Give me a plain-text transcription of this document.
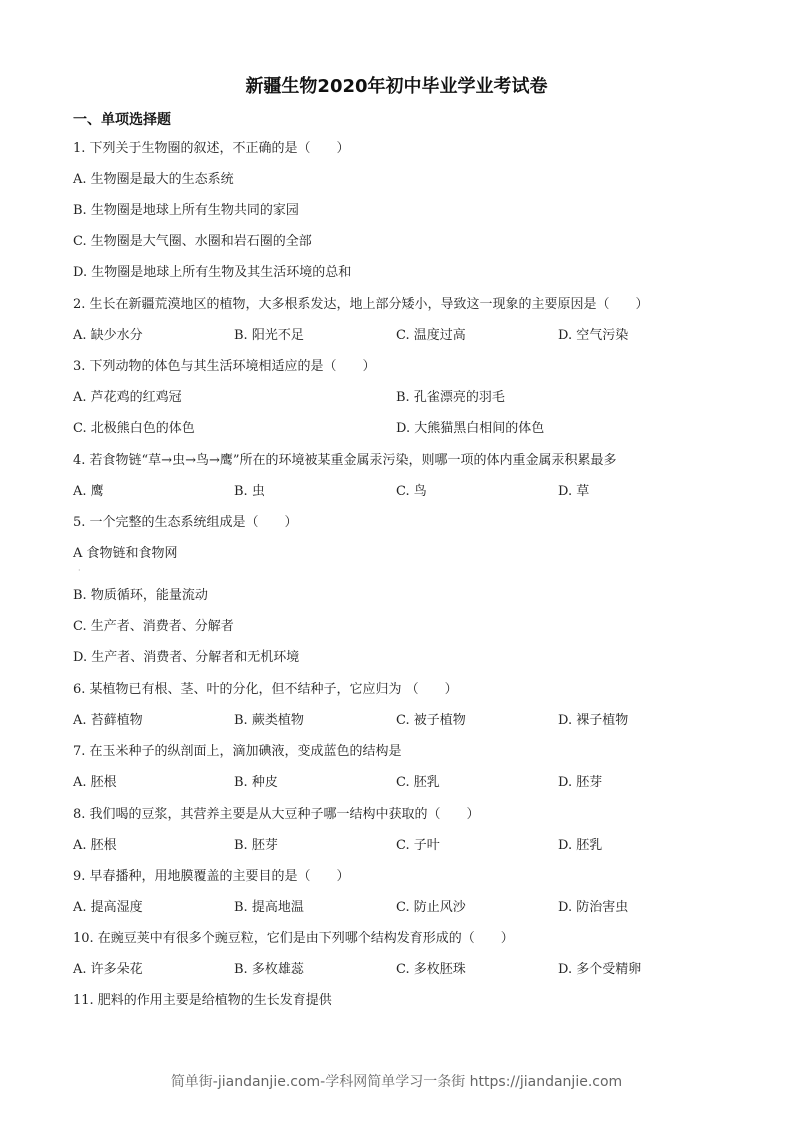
新疆生物2020年初中毕业学业考试卷
一、单项选择题
1. 下列关于生物圈的叙述，不正确的是（　　）
A. 生物圈是最大的生态系统
B. 生物圈是地球上所有生物共同的家园
C. 生物圈是大气圈、水圈和岩石圈的全部
D. 生物圈是地球上所有生物及其生活环境的总和
2. 生长在新疆荒漠地区的植物，大多根系发达，地上部分矮小，导致这一现象的主要原因是（　　）
A. 缺少水分	B. 阳光不足	C. 温度过高	D. 空气污染
3. 下列动物的体色与其生活环境相适应的是（　　）
A. 芦花鸡的红鸡冠	B. 孔雀漂亮的羽毛
C. 北极熊白色的体色	D. 大熊猫黑白相间的体色
4. 若食物链“草→虫→鸟→鹰”所在的环境被某重金属汞污染，则哪一项的体内重金属汞积累最多
A. 鹰	B. 虫	C. 鸟	D. 草
5. 一个完整的生态系统组成是（　　）
A 食物链和食物网
·
B. 物质循环，能量流动
C. 生产者、消费者、分解者
D. 生产者、消费者、分解者和无机环境
6. 某植物已有根、茎、叶的分化，但不结种子，它应归为 （　　）
A. 苔藓植物	B. 蕨类植物	C. 被子植物	D. 裸子植物
7. 在玉米种子的纵剖面上，滴加碘液，变成蓝色的结构是
A. 胚根	B. 种皮	C. 胚乳	D. 胚芽
8. 我们喝的豆浆，其营养主要是从大豆种子哪一结构中获取的（　　）
A. 胚根	B. 胚芽	C. 子叶	D. 胚乳
9. 早春播种，用地膜覆盖的主要目的是（　　）
A. 提高湿度	B. 提高地温	C. 防止风沙	D. 防治害虫
10. 在豌豆荚中有很多个豌豆粒，它们是由下列哪个结构发育形成的（　　）
A. 许多朵花	B. 多枚雄蕊	C. 多枚胚珠	D. 多个受精卵
11. 肥料的作用主要是给植物的生长发育提供
简单街-jiandanjie.com-学科网简单学习一条街 https://jiandanjie.com
